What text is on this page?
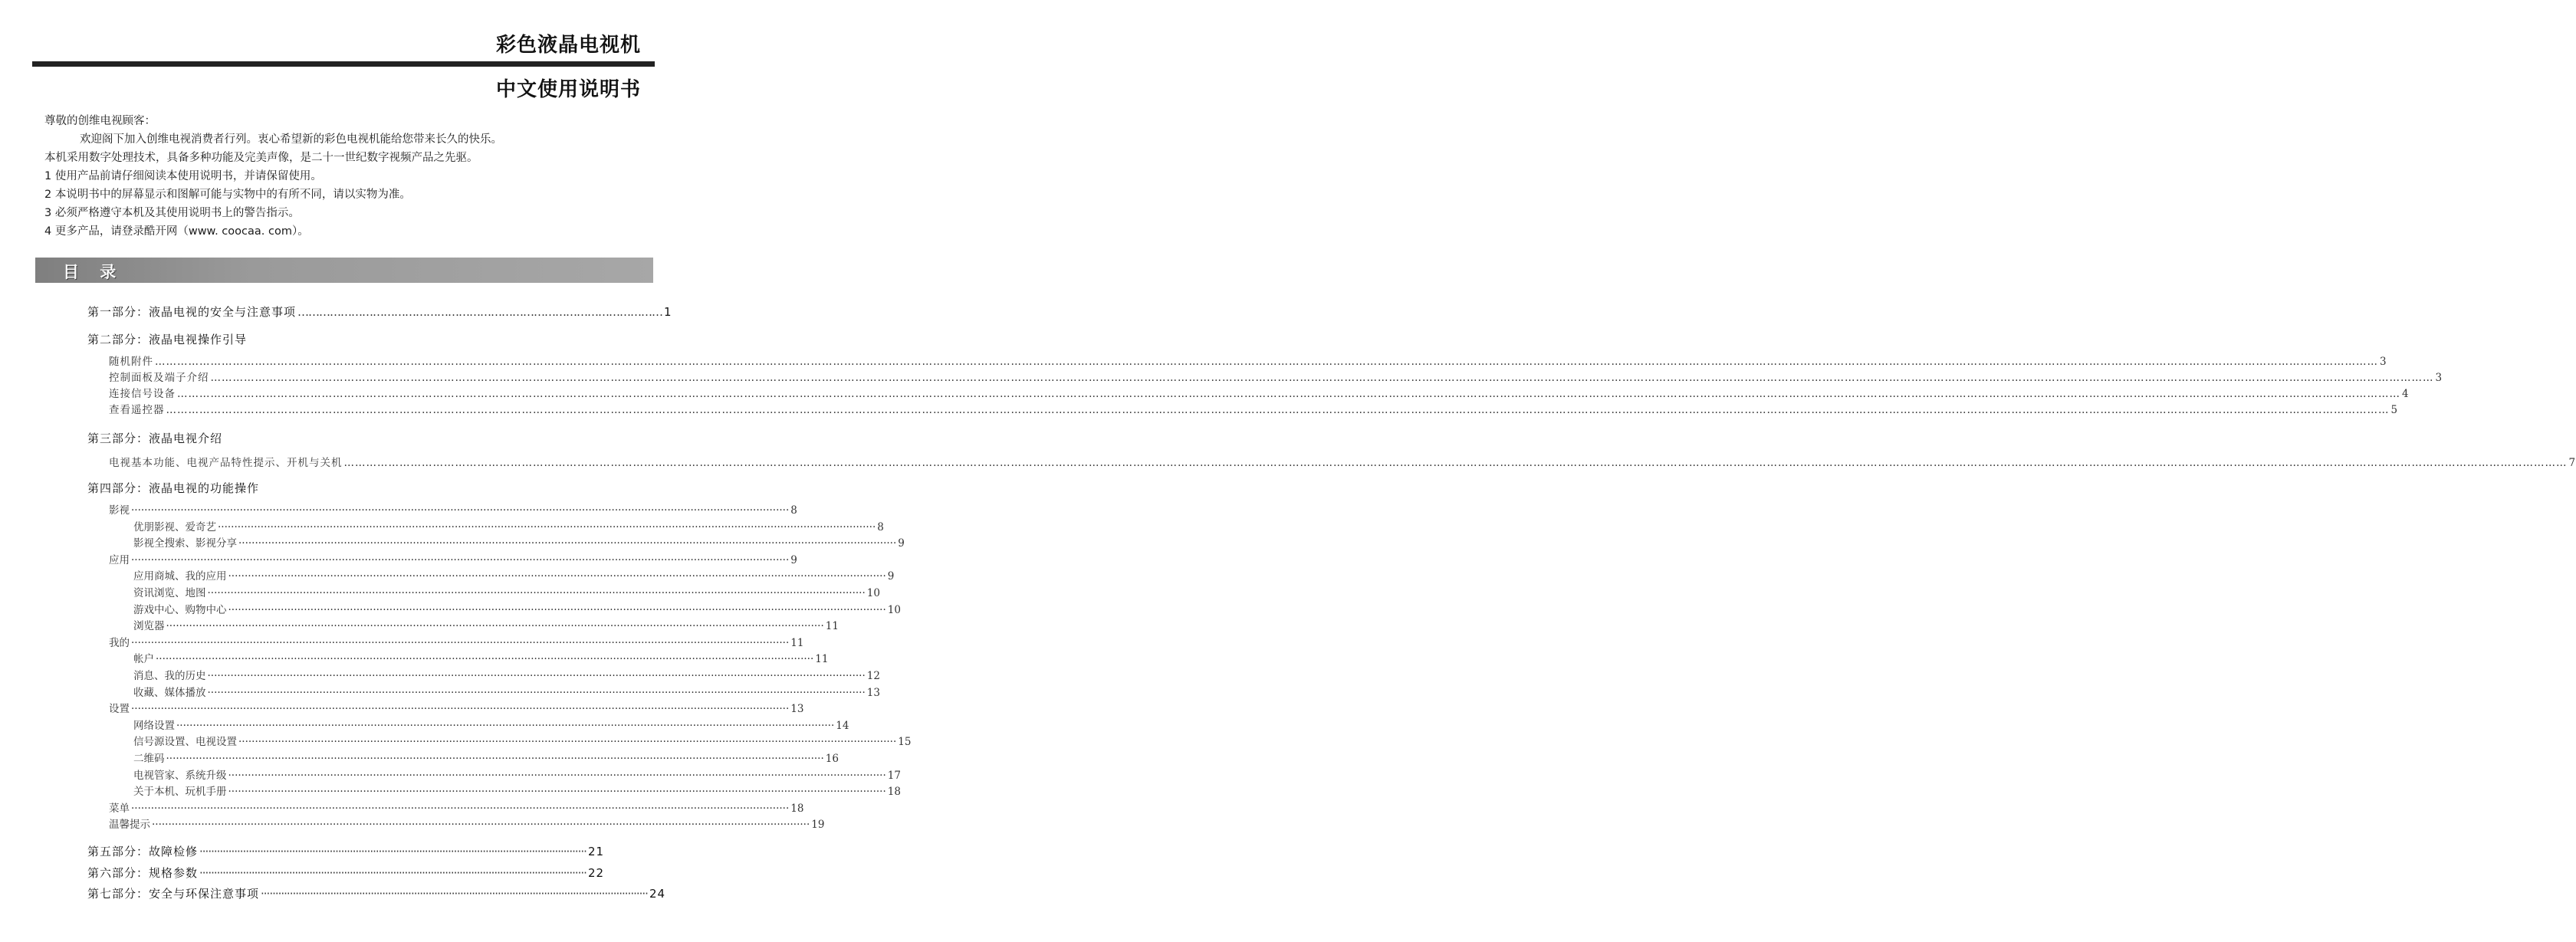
彩色液晶电视机
中文使用说明书
尊敬的创维电视顾客：
欢迎阁下加入创维电视消费者行列。衷心希望新的彩色电视机能给您带来长久的快乐。
本机采用数字处理技术，具备多种功能及完美声像，是二十一世纪数字视频产品之先驱。
1 使用产品前请仔细阅读本使用说明书，并请保留使用。
2 本说明书中的屏幕显示和图解可能与实物中的有所不同，请以实物为准。
3 必须严格遵守本机及其使用说明书上的警告指示。
4 更多产品，请登录酷开网（www. coocaa. com）。
目 录
第一部分：液晶电视的安全与注意事项 ………………………………………………………………………………………… 1
第二部分：液晶电视操作引导
随机附件 …………………………………………………………………………………………………………………………………………………………………………………………………………………………………………………………………………………………………………………………………………………………………………………………………………………………………………………………………………………………………………………………………………………… 3
控制面板及端子介绍 …………………………………………………………………………………………………………………………………………………………………………………………………………………………………………………………………………………………………………………………………………………………………………………………………………………………………………………………………………………………………………………………………………………… 3
连接信号设备 …………………………………………………………………………………………………………………………………………………………………………………………………………………………………………………………………………………………………………………………………………………………………………………………………………………………………………………………………………………………………………………………………………………… 4
查看遥控器 …………………………………………………………………………………………………………………………………………………………………………………………………………………………………………………………………………………………………………………………………………………………………………………………………………………………………………………………………………………………………………………………………………………… 5
第三部分：液晶电视介绍
电视基本功能、电视产品特性提示、开机与关机 …………………………………………………………………………………………………………………………………………………………………………………………………………………………………………………………………………………………………………………………………………………………………………………………………………………………………………………………………………………………………………………………………………………… 7
第四部分：液晶电视的功能操作
影视 ········································································································································································································ 8
优朋影视、爱奇艺 ········································································································································································································ 8
影视全搜索、影视分享 ········································································································································································································ 9
应用 ········································································································································································································ 9
应用商城、我的应用 ········································································································································································································ 9
资讯浏览、地图 ········································································································································································································ 10
游戏中心、购物中心 ········································································································································································································ 10
浏览器 ········································································································································································································ 11
我的 ········································································································································································································ 11
帐户 ········································································································································································································ 11
消息、我的历史 ········································································································································································································ 12
收藏、媒体播放 ········································································································································································································ 13
设置 ········································································································································································································ 13
网络设置 ········································································································································································································ 14
信号源设置、电视设置 ········································································································································································································ 15
二维码 ········································································································································································································ 16
电视管家、系统升级 ········································································································································································································ 17
关于本机、玩机手册 ········································································································································································································ 18
菜单 ········································································································································································································ 18
温馨提示 ········································································································································································································ 19
第五部分：故障检修 ······································································································································ 21
第六部分：规格参数 ······································································································································ 22
第七部分：安全与环保注意事项 ······································································································································ 24
